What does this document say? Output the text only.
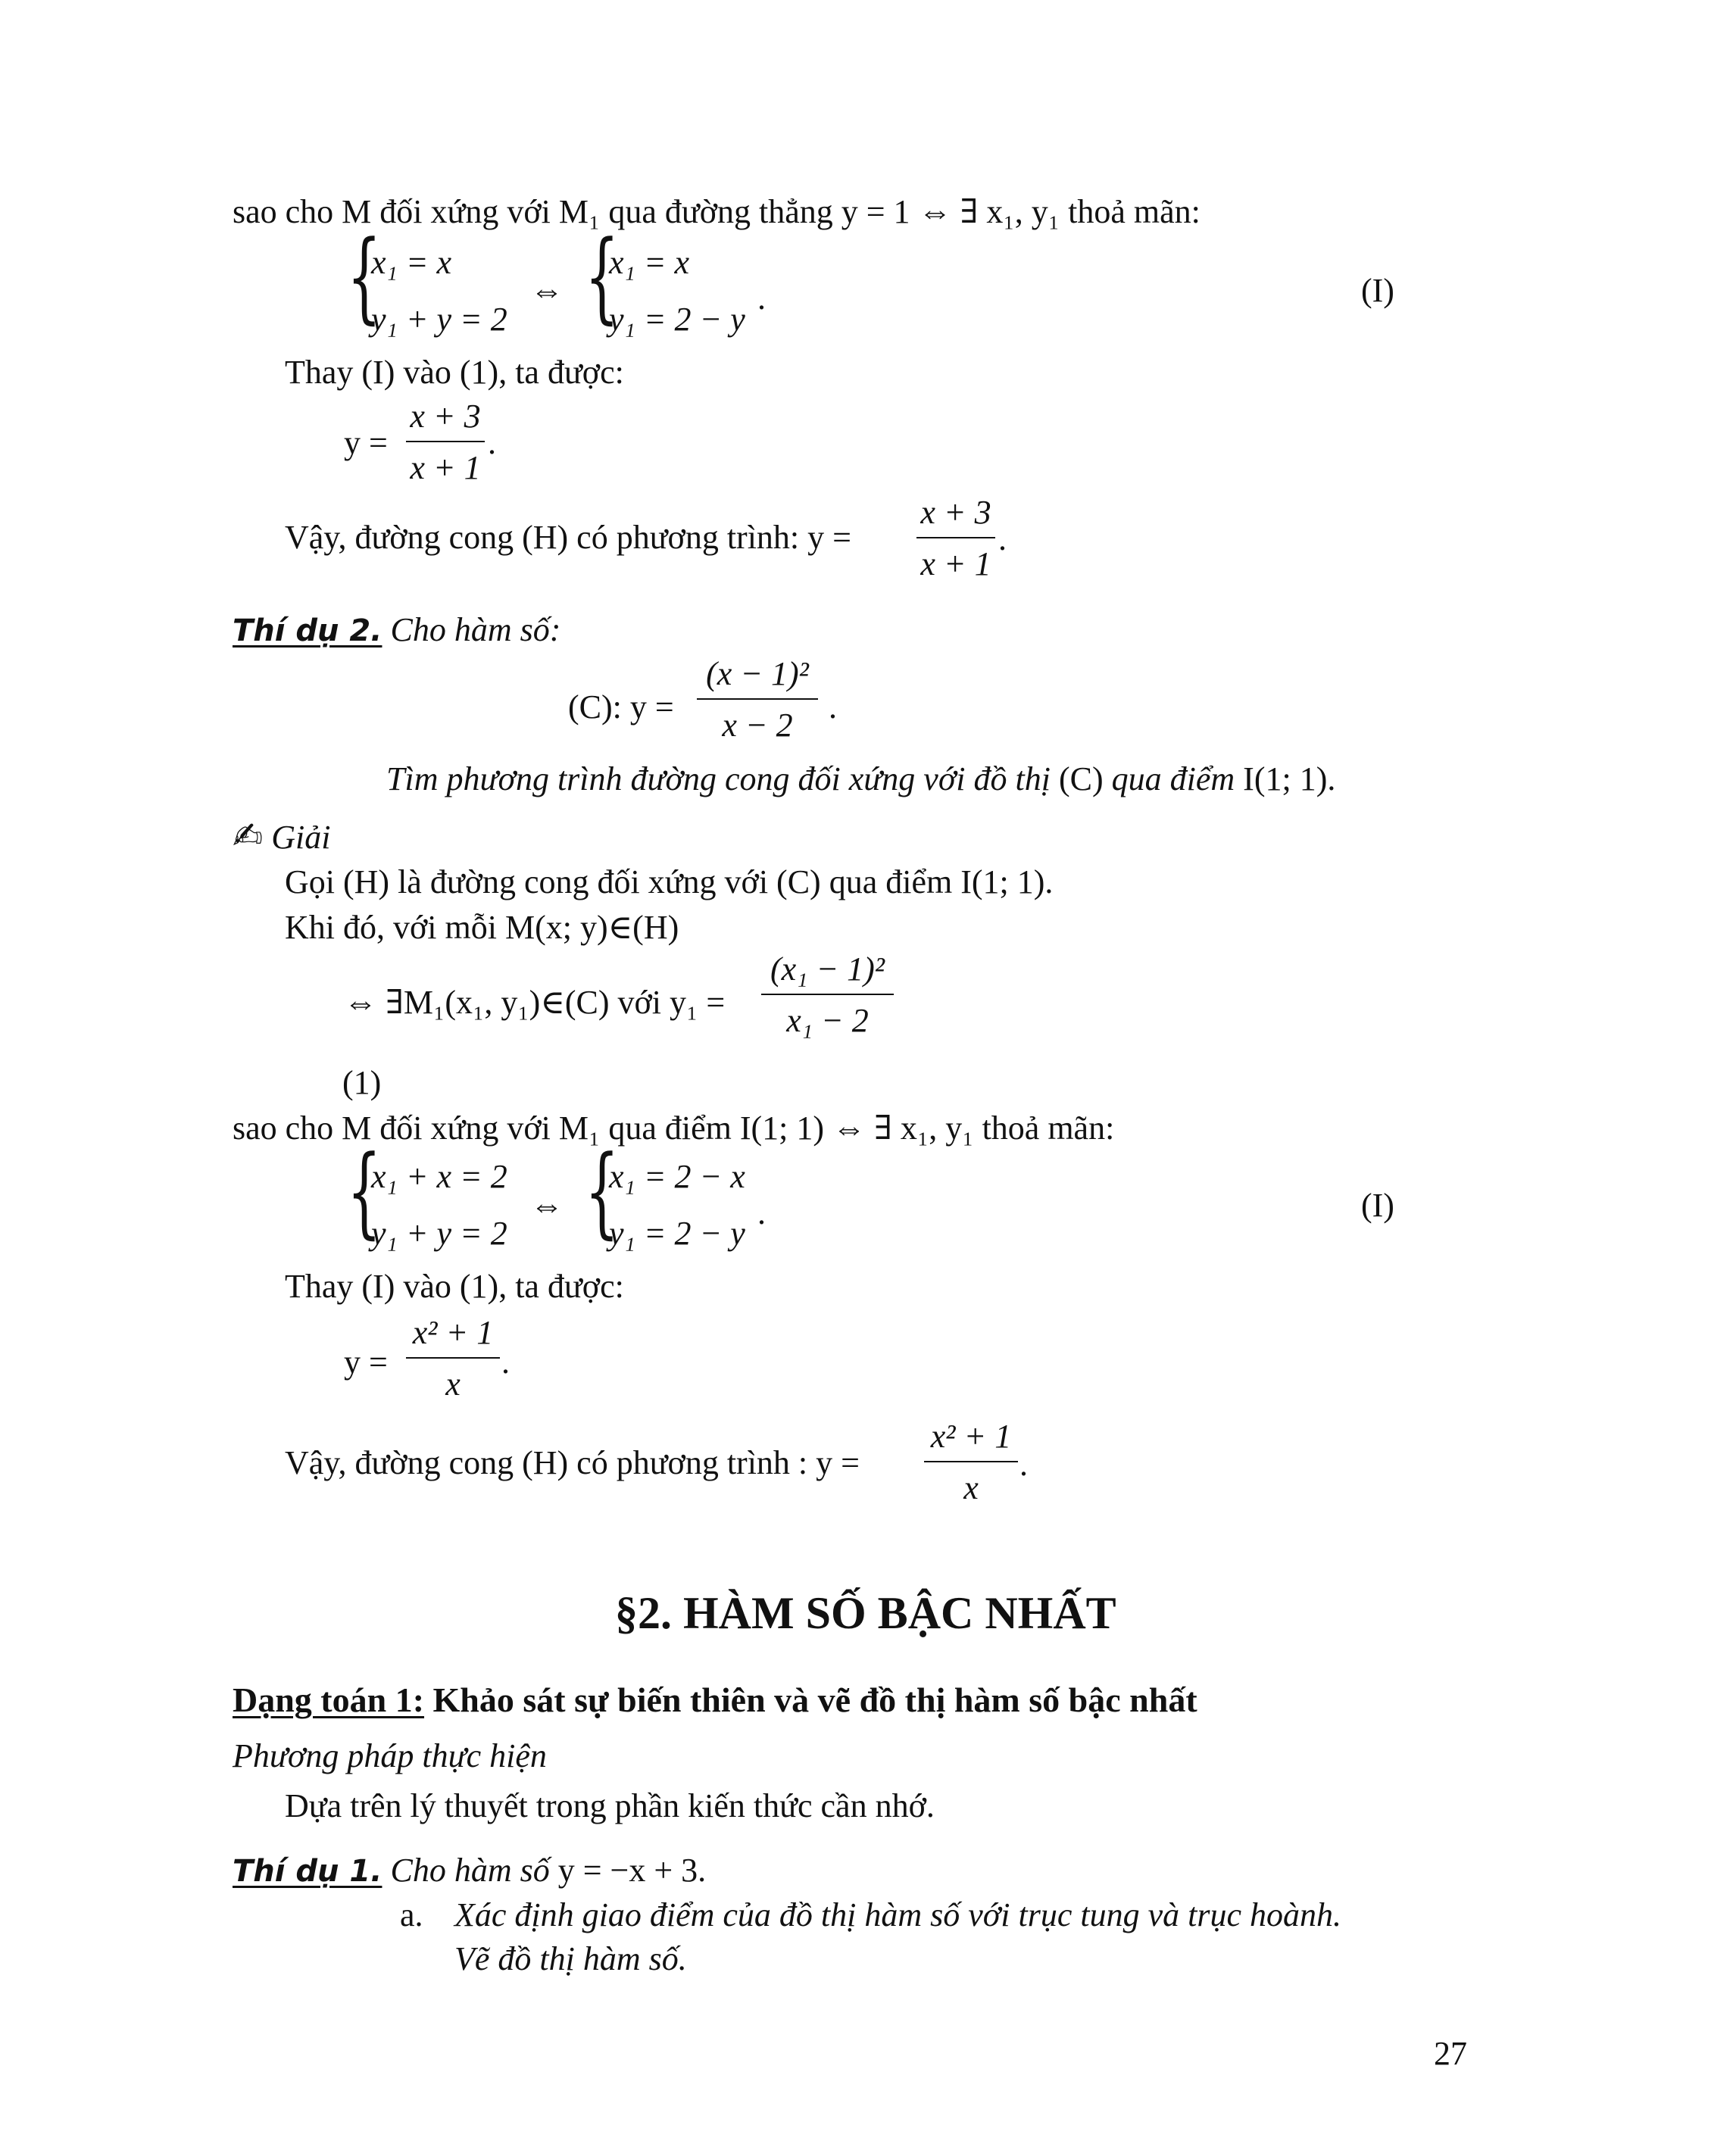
sao cho M đối xứng với M₁ qua đường thẳng y = 1 ⇔ ∃ x₁, y₁ thoả mãn:
{
x₁ = x
y₁ + y = 2
⇔ {
x₁ = x
y₁ = 2 − y
.	(I)
Thay (I) vào (1), ta được:
y =
x + 3
x + 1
.
Vậy, đường cong (H) có phương trình: y =
x + 3
x + 1
.
Thí dụ 2. Cho hàm số:
(C): y =
(x − 1)²
x − 2	.
Tìm phương trình đường cong đối xứng với đồ thị (C) qua điểm I(1; 1).
✍ Giải
Gọi (H) là đường cong đối xứng với (C) qua điểm I(1; 1).
Khi đó, với mỗi M(x; y)∈(H)
⇔ ∃M₁(x₁, y₁)∈(C) với y₁ =
(x₁ − 1)²
x₁ − 2
(1)
sao cho M đối xứng với M₁ qua điểm I(1; 1) ⇔ ∃ x₁, y₁ thoả mãn:
{
x₁ + x = 2
y₁ + y = 2
⇔ {
x₁ = 2 − x
y₁ = 2 − y
.	(I)
Thay (I) vào (1), ta được:
y =
x² + 1
x
.
Vậy, đường cong (H) có phương trình : y =
x² + 1
x
.
§2. HÀM SỐ BẬC NHẤT
Dạng toán 1: Khảo sát sự biến thiên và vẽ đồ thị hàm số bậc nhất
Phương pháp thực hiện
Dựa trên lý thuyết trong phần kiến thức cần nhớ.
Thí dụ 1. Cho hàm số y = −x + 3.
a. Xác định giao điểm của đồ thị hàm số với trục tung và trục hoành.
Vẽ đồ thị hàm số.
27
